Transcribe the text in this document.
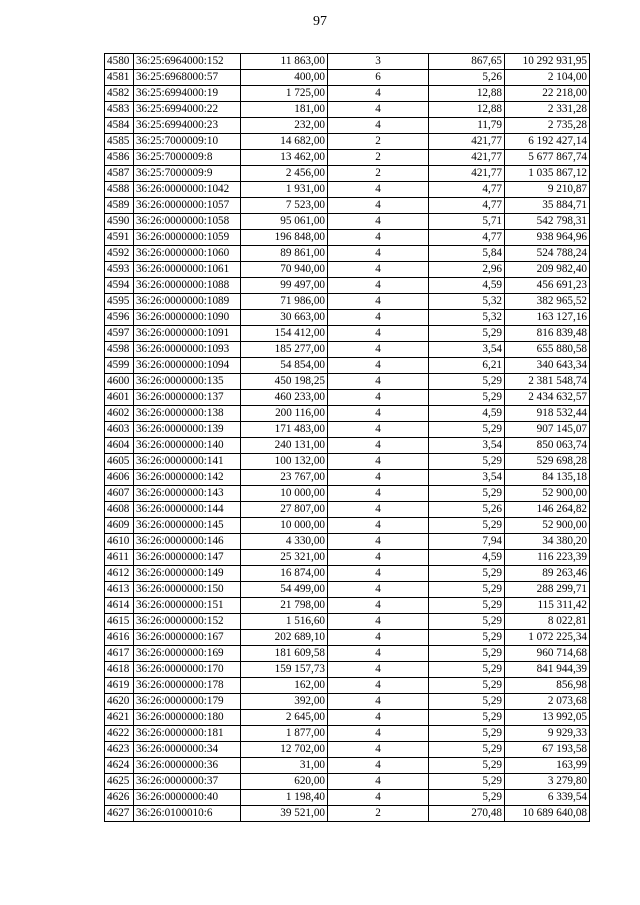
97
4580	36:25:6964000:152	11 863,00	3	867,65	10 292 931,95
4581	36:25:6968000:57	400,00	6	5,26	2 104,00
4582	36:25:6994000:19	1 725,00	4	12,88	22 218,00
4583	36:25:6994000:22	181,00	4	12,88	2 331,28
4584	36:25:6994000:23	232,00	4	11,79	2 735,28
4585	36:25:7000009:10	14 682,00	2	421,77	6 192 427,14
4586	36:25:7000009:8	13 462,00	2	421,77	5 677 867,74
4587	36:25:7000009:9	2 456,00	2	421,77	1 035 867,12
4588	36:26:0000000:1042	1 931,00	4	4,77	9 210,87
4589	36:26:0000000:1057	7 523,00	4	4,77	35 884,71
4590	36:26:0000000:1058	95 061,00	4	5,71	542 798,31
4591	36:26:0000000:1059	196 848,00	4	4,77	938 964,96
4592	36:26:0000000:1060	89 861,00	4	5,84	524 788,24
4593	36:26:0000000:1061	70 940,00	4	2,96	209 982,40
4594	36:26:0000000:1088	99 497,00	4	4,59	456 691,23
4595	36:26:0000000:1089	71 986,00	4	5,32	382 965,52
4596	36:26:0000000:1090	30 663,00	4	5,32	163 127,16
4597	36:26:0000000:1091	154 412,00	4	5,29	816 839,48
4598	36:26:0000000:1093	185 277,00	4	3,54	655 880,58
4599	36:26:0000000:1094	54 854,00	4	6,21	340 643,34
4600	36:26:0000000:135	450 198,25	4	5,29	2 381 548,74
4601	36:26:0000000:137	460 233,00	4	5,29	2 434 632,57
4602	36:26:0000000:138	200 116,00	4	4,59	918 532,44
4603	36:26:0000000:139	171 483,00	4	5,29	907 145,07
4604	36:26:0000000:140	240 131,00	4	3,54	850 063,74
4605	36:26:0000000:141	100 132,00	4	5,29	529 698,28
4606	36:26:0000000:142	23 767,00	4	3,54	84 135,18
4607	36:26:0000000:143	10 000,00	4	5,29	52 900,00
4608	36:26:0000000:144	27 807,00	4	5,26	146 264,82
4609	36:26:0000000:145	10 000,00	4	5,29	52 900,00
4610	36:26:0000000:146	4 330,00	4	7,94	34 380,20
4611	36:26:0000000:147	25 321,00	4	4,59	116 223,39
4612	36:26:0000000:149	16 874,00	4	5,29	89 263,46
4613	36:26:0000000:150	54 499,00	4	5,29	288 299,71
4614	36:26:0000000:151	21 798,00	4	5,29	115 311,42
4615	36:26:0000000:152	1 516,60	4	5,29	8 022,81
4616	36:26:0000000:167	202 689,10	4	5,29	1 072 225,34
4617	36:26:0000000:169	181 609,58	4	5,29	960 714,68
4618	36:26:0000000:170	159 157,73	4	5,29	841 944,39
4619	36:26:0000000:178	162,00	4	5,29	856,98
4620	36:26:0000000:179	392,00	4	5,29	2 073,68
4621	36:26:0000000:180	2 645,00	4	5,29	13 992,05
4622	36:26:0000000:181	1 877,00	4	5,29	9 929,33
4623	36:26:0000000:34	12 702,00	4	5,29	67 193,58
4624	36:26:0000000:36	31,00	4	5,29	163,99
4625	36:26:0000000:37	620,00	4	5,29	3 279,80
4626	36:26:0000000:40	1 198,40	4	5,29	6 339,54
4627	36:26:0100010:6	39 521,00	2	270,48	10 689 640,08
